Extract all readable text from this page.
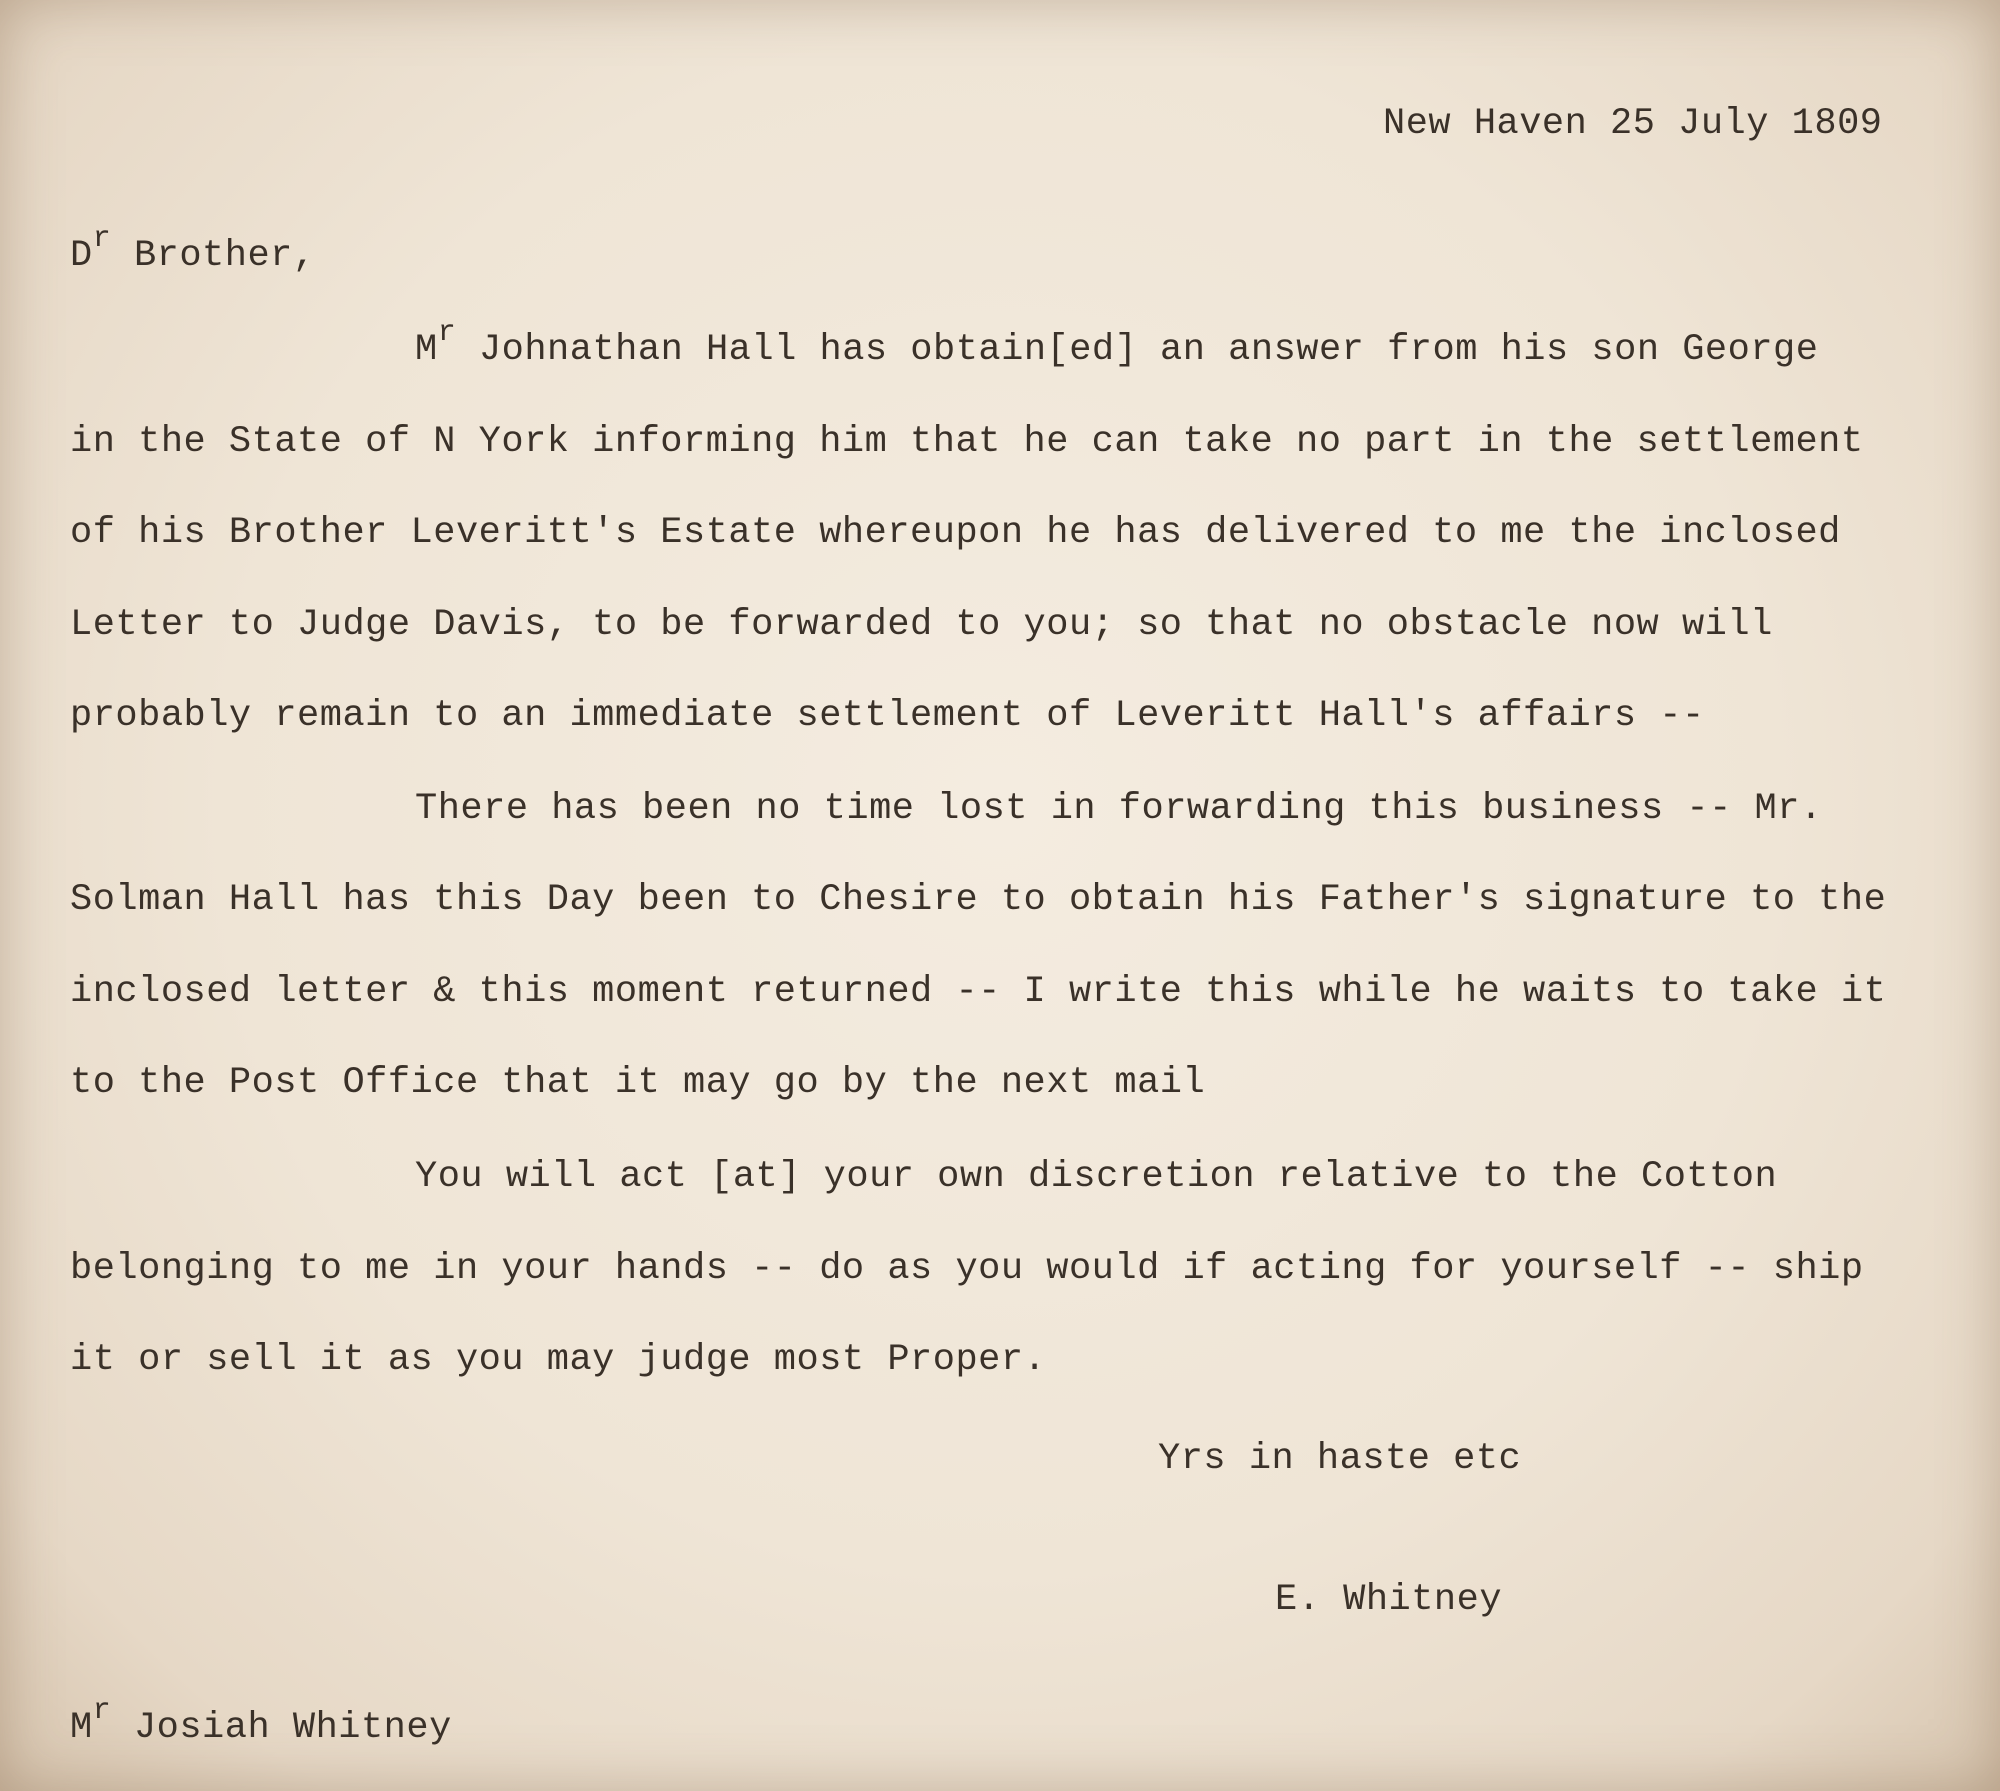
New Haven 25 July 1809
$D^r$ Brother,
$M^r$ Johnathan Hall has obtain[ed] an answer from his son George
in the State of N York informing him that he can take no part in the settlement
of his Brother Leveritt's Estate whereupon he has delivered to me the inclosed
Letter to Judge Davis, to be forwarded to you; so that no obstacle now will
probably remain to an immediate settlement of Leveritt Hall's affairs --
There has been no time lost in forwarding this business -- Mr.
Solman Hall has this Day been to Chesire to obtain his Father's signature to the
inclosed letter & this moment returned -- I write this while he waits to take it
to the Post Office that it may go by the next mail
You will act [at] your own discretion relative to the Cotton
belonging to me in your hands -- do as you would if acting for yourself -- ship
it or sell it as you may judge most Proper.
Yrs in haste etc
E. Whitney
$M^r$ Josiah Whitney
